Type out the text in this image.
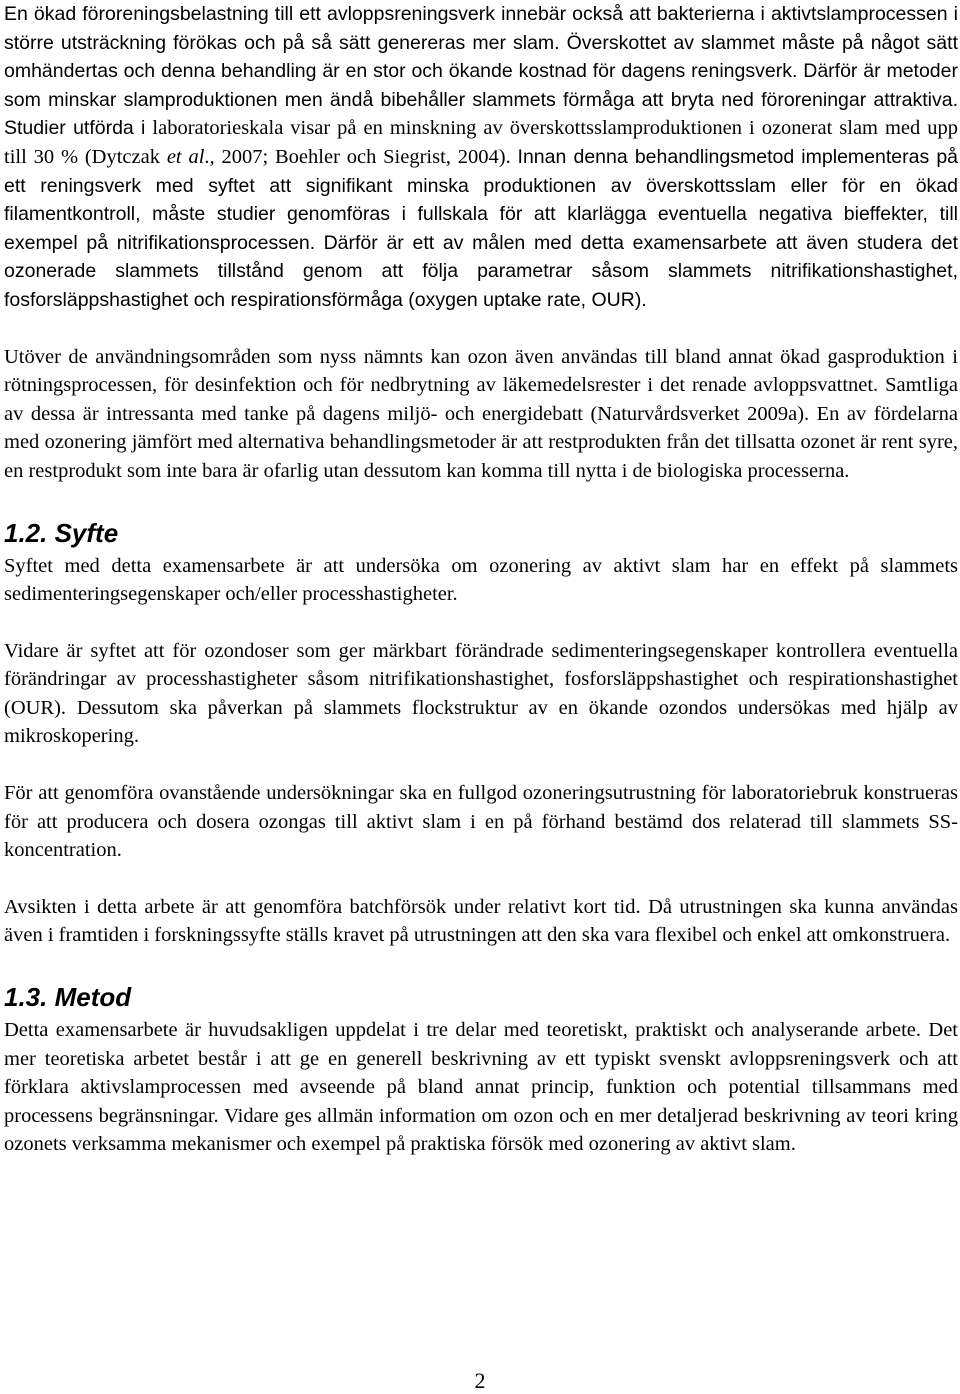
En ökad föroreningsbelastning till ett avloppsreningsverk innebär också att bakterierna i aktivtslamprocessen i större utsträckning förökas och på så sätt genereras mer slam. Överskottet av slammet måste på något sätt omhändertas och denna behandling är en stor och ökande kostnad för dagens reningsverk. Därför är metoder som minskar slamproduktionen men ändå bibehåller slammets förmåga att bryta ned föroreningar attraktiva. Studier utförda i laboratorieskala visar på en minskning av överskottsslamproduktionen i ozonerat slam med upp till 30 % (Dytczak et al., 2007; Boehler och Siegrist, 2004). Innan denna behandlingsmetod implementeras på ett reningsverk med syftet att signifikant minska produktionen av överskottsslam eller för en ökad filamentkontroll, måste studier genomföras i fullskala för att klarlägga eventuella negativa bieffekter, till exempel på nitrifikationsprocessen. Därför är ett av målen med detta examensarbete att även studera det ozonerade slammets tillstånd genom att följa parametrar såsom slammets nitrifikationshastighet, fosforsläppshastighet och respirationsförmåga (oxygen uptake rate, OUR).

Utöver de användningsområden som nyss nämnts kan ozon även användas till bland annat ökad gasproduktion i rötningsprocessen, för desinfektion och för nedbrytning av läkemedelsrester i det renade avloppsvattnet. Samtliga av dessa är intressanta med tanke på dagens miljö- och energidebatt (Naturvårdsverket 2009a). En av fördelarna med ozonering jämfört med alternativa behandlingsmetoder är att restprodukten från det tillsatta ozonet är rent syre, en restprodukt som inte bara är ofarlig utan dessutom kan komma till nytta i de biologiska processerna.

1.2. Syfte

Syftet med detta examensarbete är att undersöka om ozonering av aktivt slam har en effekt på slammets sedimenteringsegenskaper och/eller processhastigheter.

Vidare är syftet att för ozondoser som ger märkbart förändrade sedimenteringsegenskaper kontrollera eventuella förändringar av processhastigheter såsom nitrifikationshastighet, fosforsläppshastighet och respirationshastighet (OUR). Dessutom ska påverkan på slammets flockstruktur av en ökande ozondos undersökas med hjälp av mikroskopering.

För att genomföra ovanstående undersökningar ska en fullgod ozoneringsutrustning för laboratoriebruk konstrueras för att producera och dosera ozongas till aktivt slam i en på förhand bestämd dos relaterad till slammets SS-koncentration.

Avsikten i detta arbete är att genomföra batchförsök under relativt kort tid. Då utrustningen ska kunna användas även i framtiden i forskningssyfte ställs kravet på utrustningen att den ska vara flexibel och enkel att omkonstruera.

1.3. Metod

Detta examensarbete är huvudsakligen uppdelat i tre delar med teoretiskt, praktiskt och analyserande arbete. Det mer teoretiska arbetet består i att ge en generell beskrivning av ett typiskt svenskt avloppsreningsverk och att förklara aktivslamprocessen med avseende på bland annat princip, funktion och potential tillsammans med processens begränsningar. Vidare ges allmän information om ozon och en mer detaljerad beskrivning av teori kring ozonets verksamma mekanismer och exempel på praktiska försök med ozonering av aktivt slam.

2
